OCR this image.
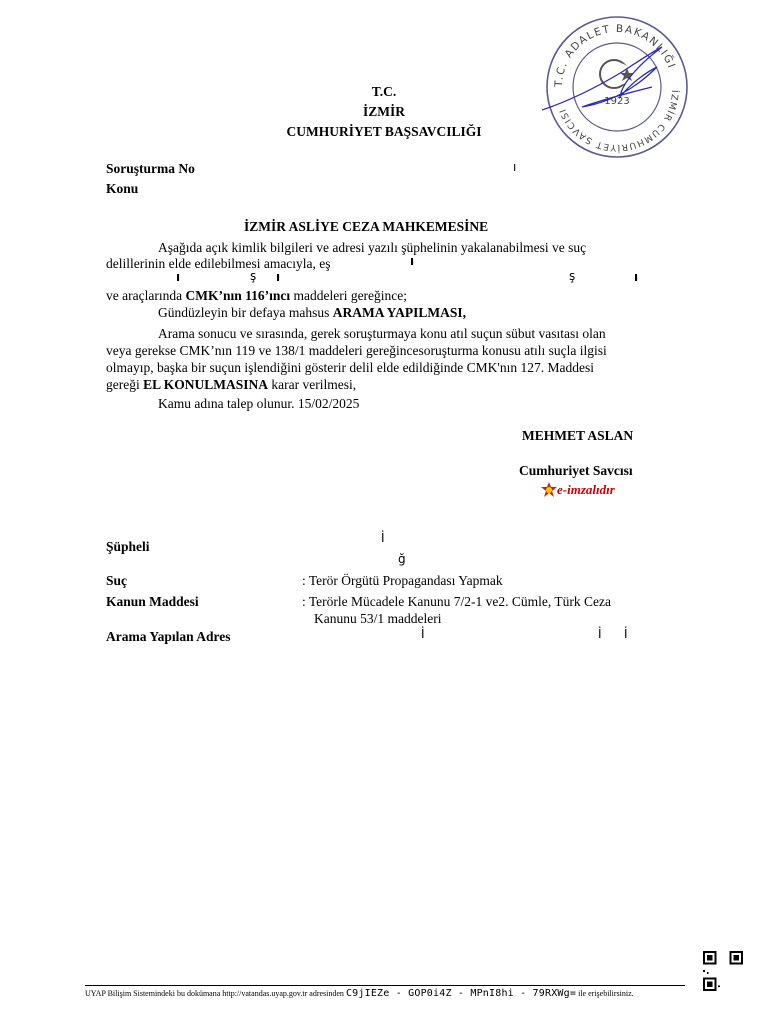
T.C. ADALET BAKANLIĞI
İZMİR CUMHURİYET SAVCISI
1923
T.C.
İZMİR
CUMHURİYET BAŞSAVCILIĞI
Soruşturma No	ı
Konu
İZMİR ASLİYE CEZA MAHKEMESİNE
Aşağıda açık kimlik bilgileri ve adresi yazılı şüphelinin yakalanabilmesi ve suç
delillerinin elde edilebilmesi amacıyla, eş	ı
ı	ş ı	ş	ı
ve araçlarında CMK’nın 116’ıncı maddeleri gereğince;
Gündüzleyin bir defaya mahsus ARAMA YAPILMASI,
Arama sonucu ve sırasında, gerek soruşturmaya konu atıl suçun sübut vasıtası olan
veya gerekse CMK’nın 119 ve 138/1 maddeleri gereğincesoruşturma konusu atılı suçla ilgisi
olmayıp, başka bir suçun işlendiğini gösterir delil elde edildiğinde CMK'nın 127. Maddesi
gereği EL KONULMASINA karar verilmesi,
Kamu adına talep olunur. 15/02/2025
MEHMET ASLAN
Cumhuriyet Savcısı
e-imzalıdır
Şüpheli
İ
ğ
Suç	: Terör Örgütü Propagandası Yapmak
Kanun Maddesi	: Terörle Mücadele Kanunu 7/2-1 ve2. Cümle, Türk Ceza
Kanunu 53/1 maddeleri
Arama Yapılan Adres	İ	İ İ
UYAP Bilişim Sistemindeki bu dokümana http://vatandas.uyap.gov.tr adresinden C9jIEZe - GOP0i4Z - MPnI8hi - 79RXWg= ile erişebilirsiniz.
